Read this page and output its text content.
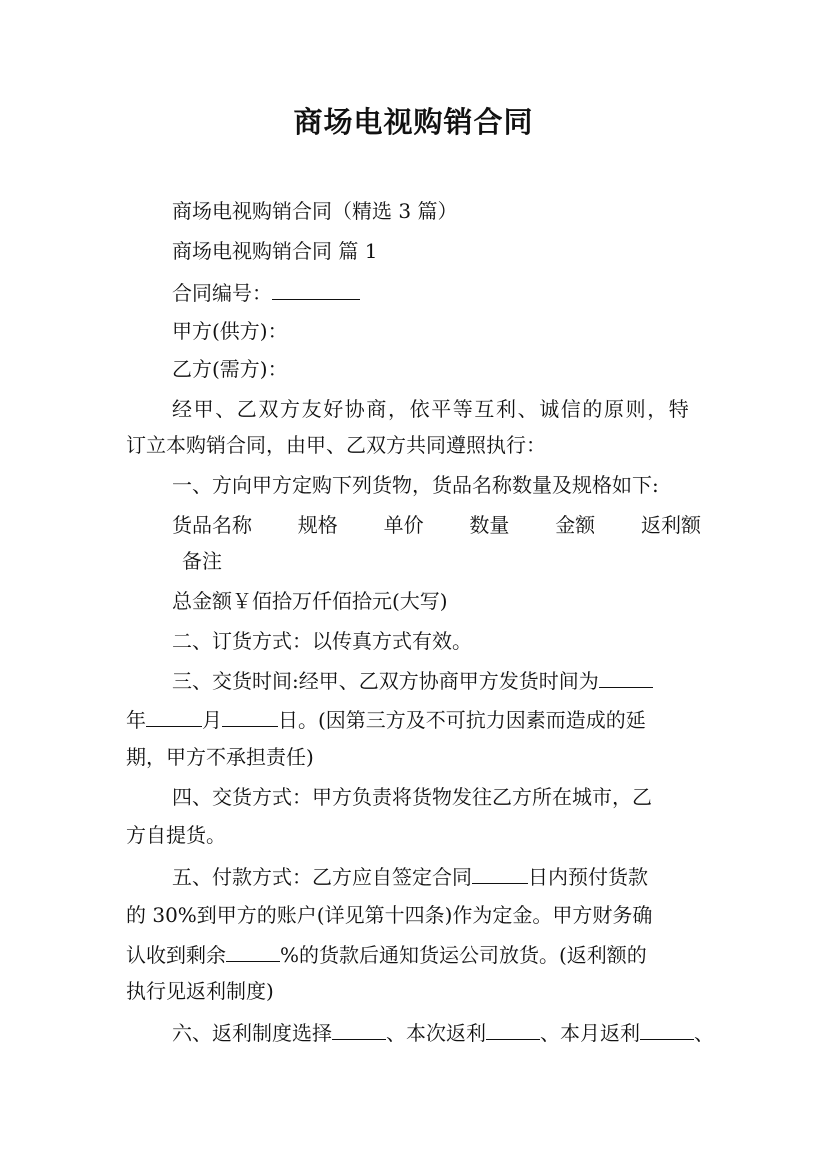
商场电视购销合同
商场电视购销合同（精选 3 篇）
商场电视购销合同 篇 1
合同编号：
甲方(供方)：
乙方(需方)：
经甲、乙双方友好协商，依平等互利、诚信的原则，特
订立本购销合同，由甲、乙双方共同遵照执行：
一、方向甲方定购下列货物，货品名称数量及规格如下:
货品名称 规格 单价 数量 金额 返利额
备注
总金额￥佰拾万仟佰拾元(大写)
二、订货方式：以传真方式有效。
三、交货时间:经甲、乙双方协商甲方发货时间为
年	月	日。(因第三方及不可抗力因素而造成的延
期，甲方不承担责任)
四、交货方式：甲方负责将货物发往乙方所在城市，乙
方自提货。
五、付款方式：乙方应自签定合同	日内预付货款
的 30%到甲方的账户(详见第十四条)作为定金。甲方财务确
认收到剩余	%的货款后通知货运公司放货。(返利额的
执行见返利制度)
六、返利制度选择	、本次返利	、本月返利	、
